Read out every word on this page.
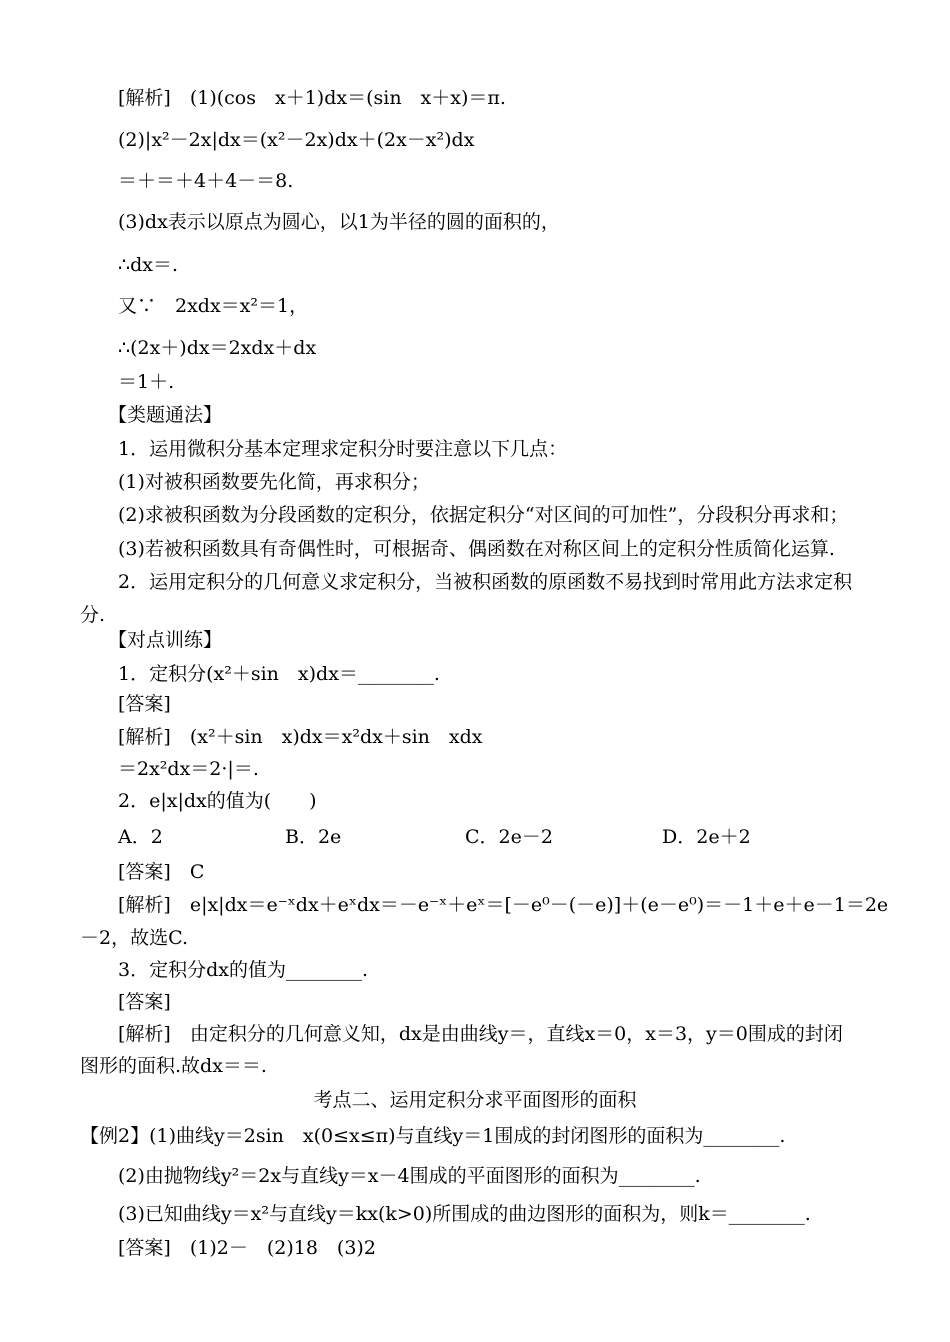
[解析]　(1)(cos　x＋1)dx＝(sin　x＋x)＝π.
(2)|x²－2x|dx＝(x²－2x)dx＋(2x－x²)dx
＝＋＝＋4＋4－＝8.
(3)dx表示以原点为圆心，以1为半径的圆的面积的，
∴dx＝.
又∵　2xdx＝x²＝1，
∴(2x＋)dx＝2xdx＋dx
＝1＋.
【类题通法】
1．运用微积分基本定理求定积分时要注意以下几点：
(1)对被积函数要先化简，再求积分；
(2)求被积函数为分段函数的定积分，依据定积分“对区间的可加性”，分段积分再求和；
(3)若被积函数具有奇偶性时，可根据奇、偶函数在对称区间上的定积分性质简化运算.
2．运用定积分的几何意义求定积分，当被积函数的原函数不易找到时常用此方法求定积
分.
【对点训练】
1．定积分(x²＋sin　x)dx＝________.
[答案]
[解析]　(x²＋sin　x)dx＝x²dx＋sin　xdx
＝2x²dx＝2·|＝.
2．e|x|dx的值为(　　)
A．2	B．2e	C．2e－2	D．2e＋2
[答案]　C
[解析]　e|x|dx＝e⁻ˣdx＋eˣdx＝－e⁻ˣ＋eˣ＝[－e⁰－(－e)]＋(e－e⁰)＝－1＋e＋e－1＝2e
－2，故选C.
3．定积分dx的值为________.
[答案]
[解析]　由定积分的几何意义知，dx是由曲线y＝，直线x＝0，x＝3，y＝0围成的封闭
图形的面积.故dx＝＝.
考点二、运用定积分求平面图形的面积
【例2】(1)曲线y＝2sin　x(0≤x≤π)与直线y＝1围成的封闭图形的面积为________.
(2)由抛物线y²＝2x与直线y＝x－4围成的平面图形的面积为________.
(3)已知曲线y＝x²与直线y＝kx(k>0)所围成的曲边图形的面积为，则k＝________.
[答案]　(1)2－　(2)18　(3)2
